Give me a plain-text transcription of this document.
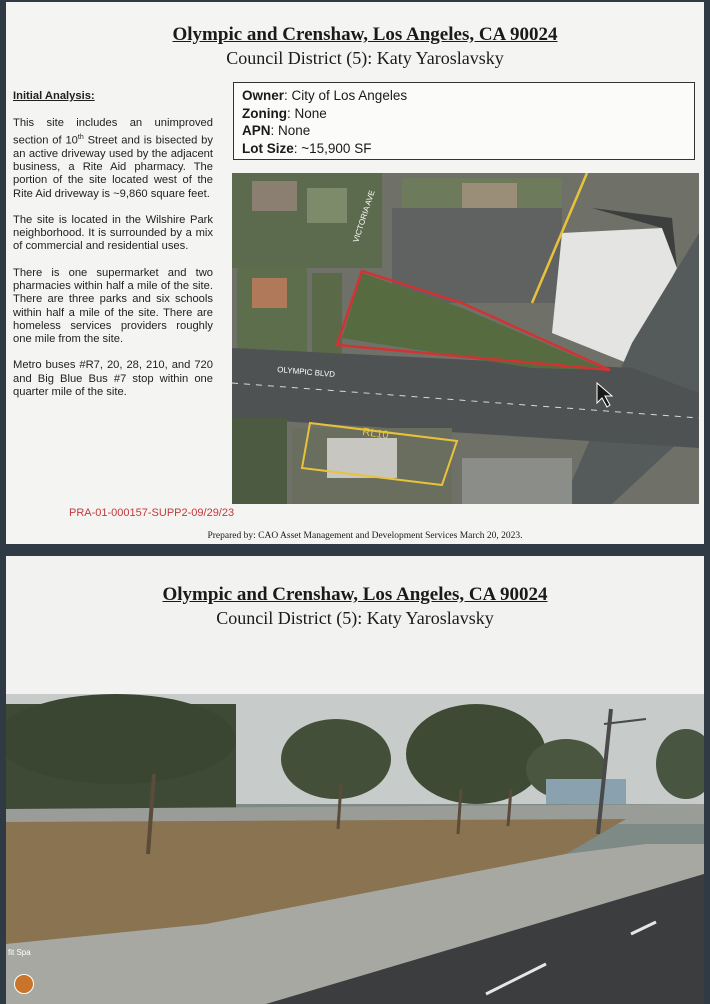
Olympic and Crenshaw, Los Angeles, CA 90024
Council District (5): Katy Yaroslavsky
Initial Analysis:

This site includes an unimproved section of 10th Street and is bisected by an active driveway used by the adjacent business, a Rite Aid pharmacy. The portion of the site located west of the Rite Aid driveway is ~9,860 square feet.

The site is located in the Wilshire Park neighborhood. It is surrounded by a mix of commercial and residential uses.

There is one supermarket and two pharmacies within half a mile of the site. There are three parks and six schools within half a mile of the site. There are homeless services providers roughly one mile from the site.

Metro buses #R7, 20, 28, 210, and 720 and Big Blue Bus #7 stop within one quarter mile of the site.

Owner: City of Los Angeles
Zoning: None
APN: None
Lot Size: ~15,900 SF
VICTORIA AVE
OLYMPIC BLVD
RL10
PRA-01-000157-SUPP2-09/29/23
Prepared by: CAO Asset Management and Development Services March 20, 2023.
Olympic and Crenshaw, Los Angeles, CA 90024
Council District (5): Katy Yaroslavsky
fit Spa
